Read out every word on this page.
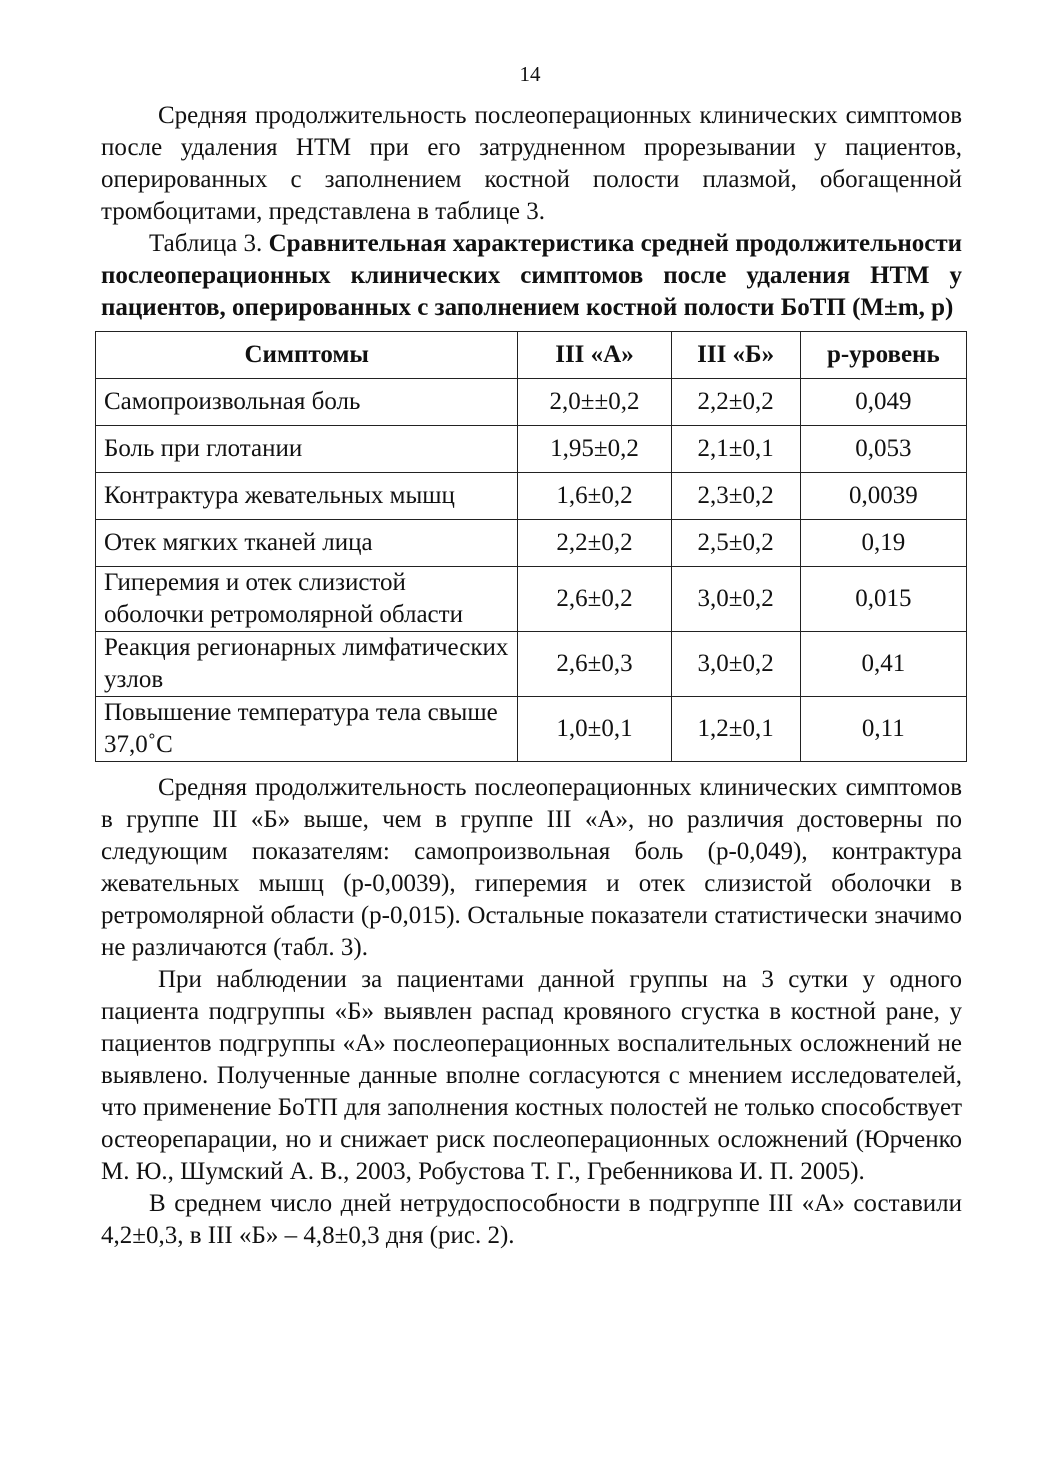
14

Средняя продолжительность послеоперационных клинических симптомов после удаления НТМ при его затрудненном прорезывании у пациентов, оперированных с заполнением костной полости плазмой, обогащенной тромбоцитами, представлена в таблице 3.

Таблица 3. Сравнительная характеристика средней продолжительности послеоперационных клинических симптомов после удаления НТМ у пациентов, оперированных с заполнением костной полости БоТП (M±m, p)

Симптомы	III «А»	III «Б»	p-уровень
Самопроизвольная боль	2,0±±0,2	2,2±0,2	0,049
Боль при глотании	1,95±0,2	2,1±0,1	0,053
Контрактура жевательных мышц	1,6±0,2	2,3±0,2	0,0039
Отек мягких тканей лица	2,2±0,2	2,5±0,2	0,19
Гиперемия и отек слизистой оболочки ретромолярной области	2,6±0,2	3,0±0,2	0,015
Реакция регионарных лимфатических узлов	2,6±0,3	3,0±0,2	0,41
Повышение температура тела свыше 37,0˚С	1,0±0,1	1,2±0,1	0,11

Средняя продолжительность послеоперационных клинических симптомов в группе III «Б» выше, чем в группе III «А», но различия достоверны по следующим показателям: самопроизвольная боль (p-0,049), контрактура жевательных мышц (p-0,0039), гиперемия и отек слизистой оболочки в ретромолярной области (p-0,015). Остальные показатели статистически значимо не различаются (табл. 3).

При наблюдении за пациентами данной группы на 3 сутки у одного пациента подгруппы «Б» выявлен распад кровяного сгустка в костной ране, у пациентов подгруппы «А» послеоперационных воспалительных осложнений не выявлено. Полученные данные вполне согласуются с мнением исследователей, что применение БоТП для заполнения костных полостей не только способствует остеорепарации, но и снижает риск послеоперационных осложнений (Юрченко М. Ю., Шумский А. В., 2003, Робустова Т. Г., Гребенникова И. П. 2005).

В среднем число дней нетрудоспособности в подгруппе III «А» составили 4,2±0,3, в III «Б» – 4,8±0,3 дня (рис. 2).
